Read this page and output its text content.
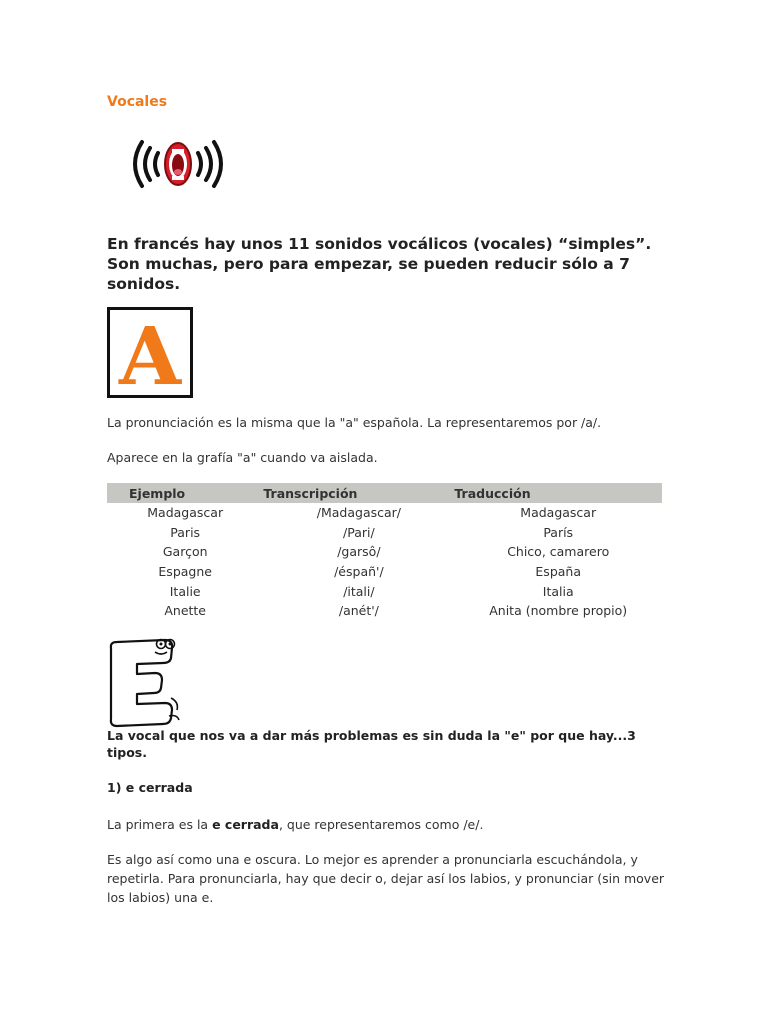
Vocales
En francés hay unos 11 sonidos vocálicos (vocales) “simples”. Son muchas, pero para empezar, se pueden reducir sólo a 7 sonidos.
A
La pronunciación es la misma que la "a" española. La representaremos por /a/.
Aparece en la grafía "a" cuando va aislada.
Ejemplo	Transcripción	Traducción
Madagascar	/Madagascar/	Madagascar
Paris	/Pari/	París
Garçon	/garsô/	Chico, camarero
Espagne	/éspañ'/	España
Italie	/itali/	Italia
Anette	/anét'/	Anita (nombre propio)
La vocal que nos va a dar más problemas es sin duda la "e" por que hay...3 tipos.
1) e cerrada
La primera es la e cerrada, que representaremos como /e/.
Es algo así como una e oscura. Lo mejor es aprender a pronunciarla escuchándola, y repetirla. Para pronunciarla, hay que decir o, dejar así los labios, y pronunciar (sin mover los labios) una e.
